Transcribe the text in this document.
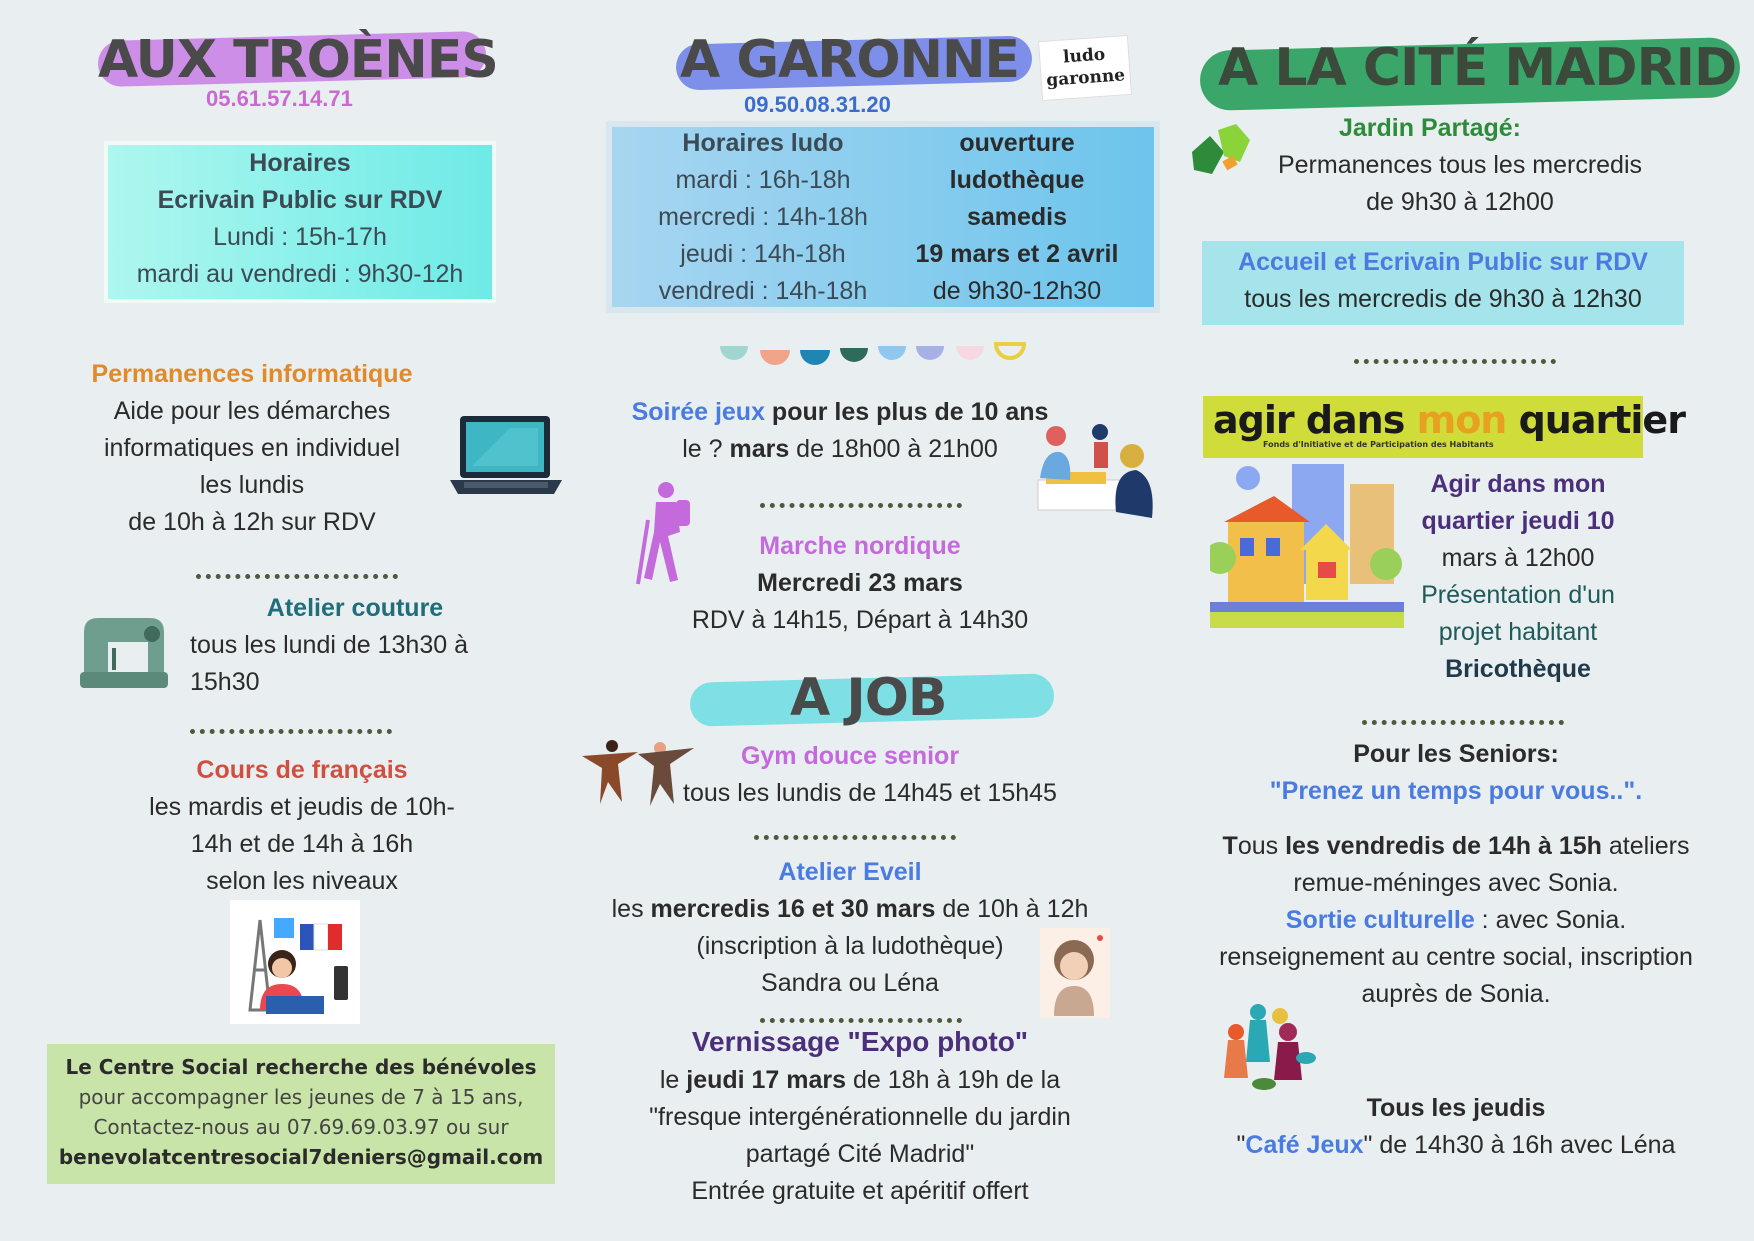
AUX TROÈNES
05.61.57.14.71
Horaires
Ecrivain Public sur RDV
Lundi : 15h-17h
mardi au vendredi : 9h30-12h
Permanences informatique
Aide pour les démarches
informatiques en individuel
les lundis
de 10h à 12h sur RDV
Atelier couture
tous les lundi de 13h30 à
15h30
Cours de français
les mardis et jeudis de 10h-
14h et de 14h à 16h
selon les niveaux
Le Centre Social recherche des bénévoles
pour accompagner les jeunes de 7 à 15 ans,
Contactez-nous au 07.69.69.03.97 ou sur
benevolatcentresocial7deniers@gmail.com
A GARONNE	ludo garonne
09.50.08.31.20
Horaires ludo
mardi : 16h-18h
mercredi : 14h-18h
jeudi : 14h-18h
vendredi : 14h-18h
ouverture
ludothèque
samedis
19 mars et 2 avril
de 9h30-12h30
Soirée jeux pour les plus de 10 ans
le ? mars de 18h00 à 21h00
Marche nordique
Mercredi 23 mars
RDV à 14h15, Départ à 14h30
A JOB
Gym douce senior
tous les lundis de 14h45 et 15h45
Atelier Eveil
les mercredis 16 et 30 mars de 10h à 12h
(inscription à la ludothèque)
Sandra ou Léna
Vernissage "Expo photo"
le jeudi 17 mars de 18h à 19h de la
"fresque intergénérationnelle du jardin
partagé Cité Madrid"
Entrée gratuite et apéritif offert
A LA CITÉ MADRID
Jardin Partagé:
Permanences tous les mercredis
de 9h30 à 12h00
Accueil et Ecrivain Public sur RDV
tous les mercredis de 9h30 à 12h30
agir dans mon quartier
Fonds d'Initiative et de Participation des Habitants
Agir dans mon
quartier jeudi 10
mars à 12h00
Présentation d'un
projet habitant
Bricothèque
Pour les Seniors:
"Prenez un temps pour vous..".
Tous les vendredis de 14h à 15h ateliers
remue-méninges avec Sonia.
Sortie culturelle : avec Sonia.
renseignement au centre social, inscription
auprès de Sonia.
Tous les jeudis
"Café Jeux" de 14h30 à 16h avec Léna
